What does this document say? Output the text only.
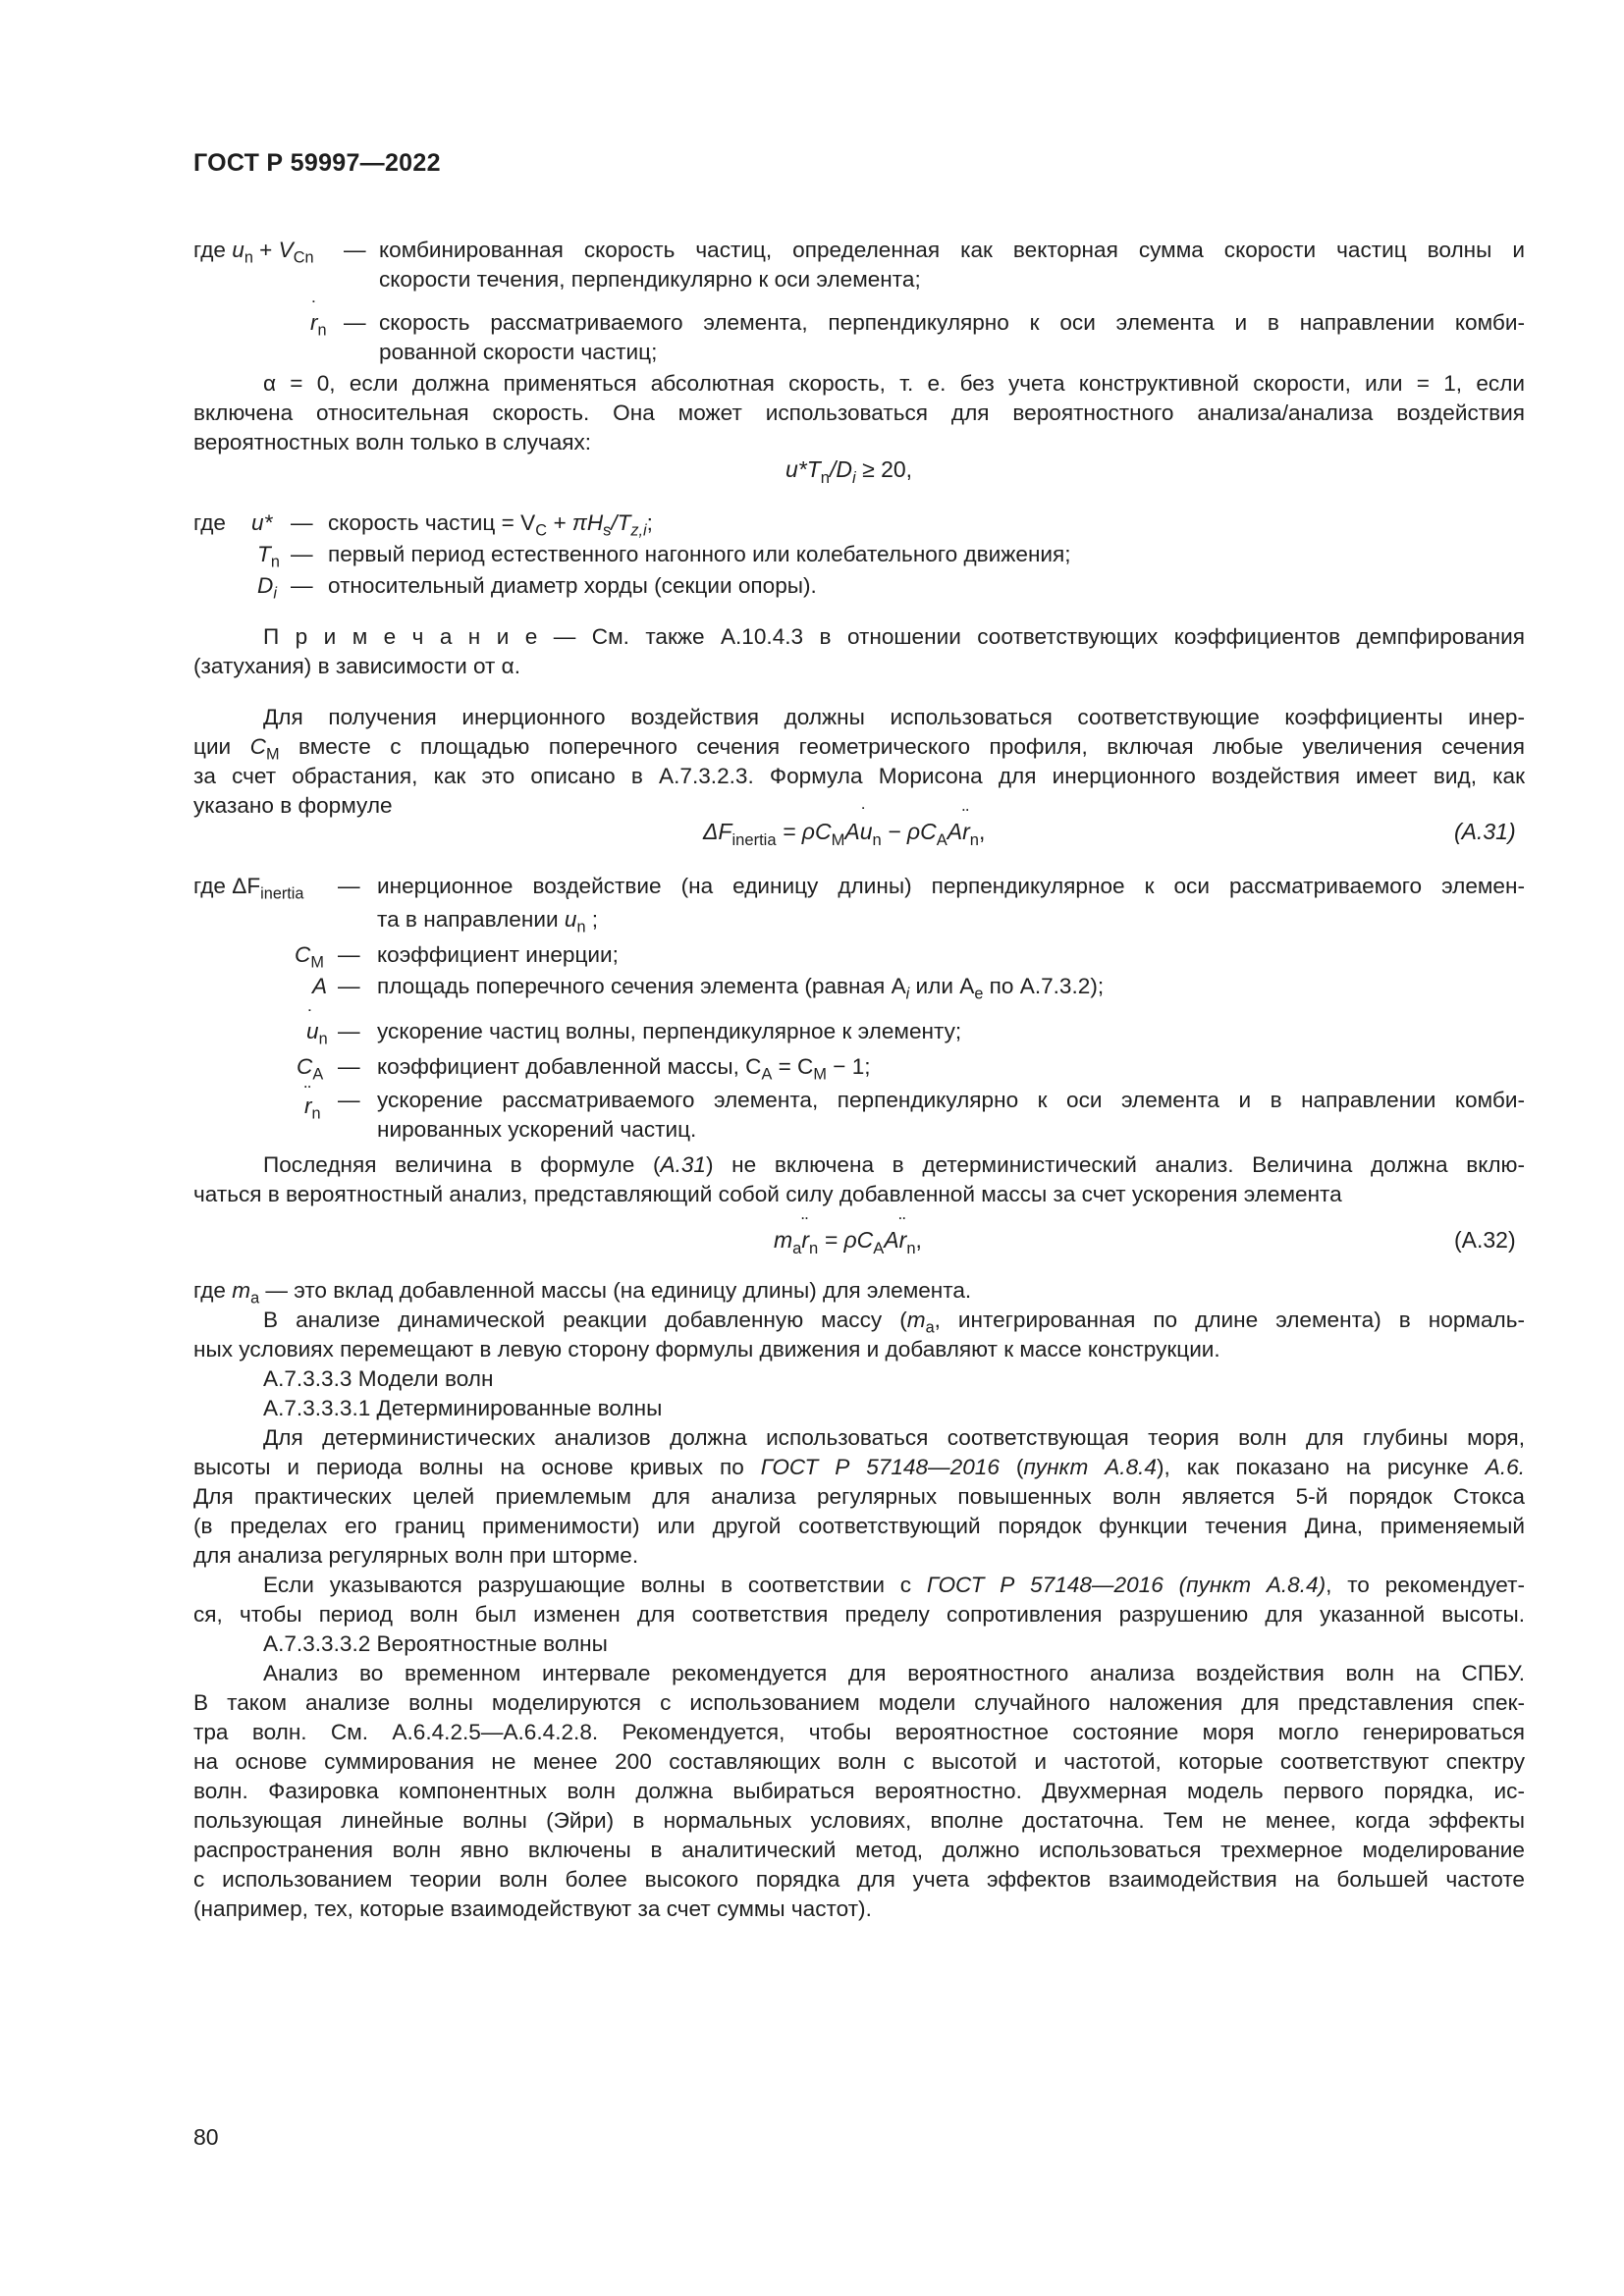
ГОСТ Р 59997—2022
где $u_n + V_{Cn}$ — комбинированная скорость частиц, определенная как векторная сумма скорости частиц волны и
скорости течения, перпендикулярно к оси элемента;
r $˙_n$ — скорость рассматриваемого элемента, перпендикулярно к оси элемента и в направлении комби-
рованной скорости частиц;
α = 0, если должна применяться абсолютная скорость, т. е. без учета конструктивной скорости, или = 1, если
включена относительная скорость. Она может использоваться для вероятностного анализа/анализа воздействия
вероятностных волн только в случаях:
$u*T_n/D_i \ge 20$,
где u* — скорость частиц = $V_C + \pi H_s/T_{z,i}$;
$T_n$ — первый период естественного нагонного или колебательного движения;
$D_i$ — относительный диаметр хорды (секции опоры).
П р и м е ч а н и е — См. также А.10.4.3 в отношении соответствующих коэффициентов демпфирования
(затухания) в зависимости от α.
Для получения инерционного воздействия должны использоваться соответствующие коэффициенты инер-
ции $C_M$ вместе с площадью поперечного сечения геометрического профиля, включая любые увеличения сечения
за счет обрастания, как это описано в А.7.3.2.3. Формула Морисона для инерционного воздействия имеет вид, как
указано в формуле
$\Delta F_{inertia} = \rho C_MAu$ $˙_n - \rho C_AAr$ $¨_n$,	(A.31)
где $\Delta F_{inertia}$ — инерционное воздействие (на единицу длины) перпендикулярное к оси рассматриваемого элемен-
та в направлении u $˙_n$ ;
$C_M$ — коэффициент инерции;
A — площадь поперечного сечения элемента (равная $A_i$ или $A_e$ по А.7.3.2);
u $˙_n$ — ускорение частиц волны, перпендикулярное к элементу;
$C_A$ — коэффициент добавленной массы, $C_A = C_M - 1$;
r $¨_n$
— ускорение рассматриваемого элемента, перпендикулярно к оси элемента и в направлении комби-
нированных ускорений частиц.
Последняя величина в формуле (A.31) не включена в детерминистический анализ. Величина должна вклю-
чаться в вероятностный анализ, представляющий собой силу добавленной массы за счет ускорения элемента
$m_ar$ $¨_n = \rho C_AAr$ $¨_n$,	(A.32)
где $m_a$ — это вклад добавленной массы (на единицу длины) для элемента.
В анализе динамической реакции добавленную массу ($m_a$, интегрированная по длине элемента) в нормаль-
ных условиях перемещают в левую сторону формулы движения и добавляют к массе конструкции.
А.7.3.3.3 Модели волн
А.7.3.3.3.1 Детерминированные волны
Для детерминистических анализов должна использоваться соответствующая теория волн для глубины моря,
высоты и периода волны на основе кривых по ГОСТ Р 57148—2016 (пункт А.8.4), как показано на рисунке А.6.
Для практических целей приемлемым для анализа регулярных повышенных волн является 5-й порядок Стокса
(в пределах его границ применимости) или другой соответствующий порядок функции течения Дина, применяемый
для анализа регулярных волн при шторме.
Если указываются разрушающие волны в соответствии с ГОСТ Р 57148—2016 (пункт А.8.4), то рекомендует-
ся, чтобы период волн был изменен для соответствия пределу сопротивления разрушению для указанной высоты.
А.7.3.3.3.2 Вероятностные волны
Анализ во временном интервале рекомендуется для вероятностного анализа воздействия волн на СПБУ.
В таком анализе волны моделируются с использованием модели случайного наложения для представления спек-
тра волн. См. А.6.4.2.5—А.6.4.2.8. Рекомендуется, чтобы вероятностное состояние моря могло генерироваться
на основе суммирования не менее 200 составляющих волн с высотой и частотой, которые соответствуют спектру
волн. Фазировка компонентных волн должна выбираться вероятностно. Двухмерная модель первого порядка, ис-
пользующая линейные волны (Эйри) в нормальных условиях, вполне достаточна. Тем не менее, когда эффекты
распространения волн явно включены в аналитический метод, должно использоваться трехмерное моделирование
с использованием теории волн более высокого порядка для учета эффектов взаимодействия на большей частоте
(например, тех, которые взаимодействуют за счет суммы частот).
80
